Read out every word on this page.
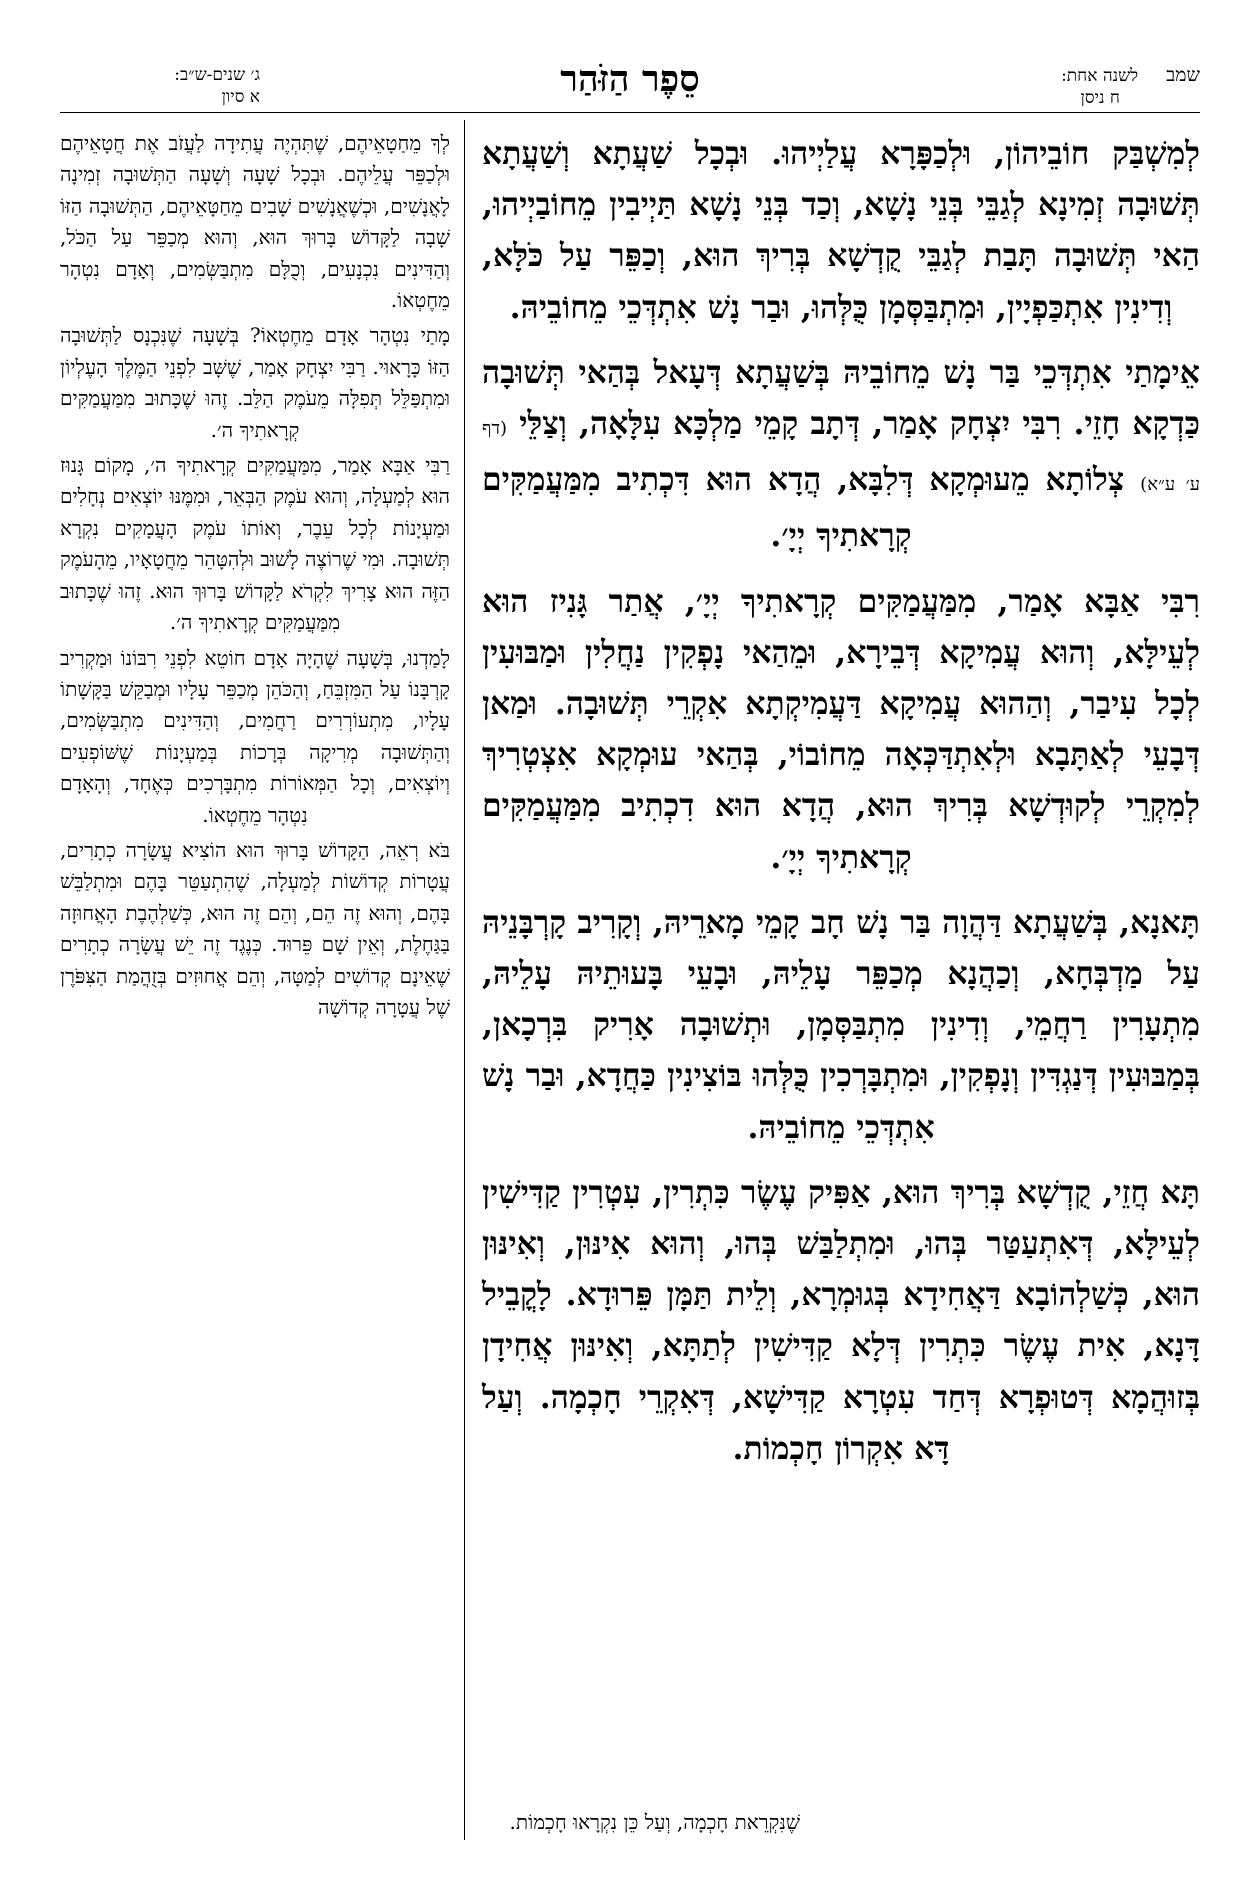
שמבלשנה אחת:
ח ניסן
סֵפֶר הַזֹּהַר
ג׳ שנים-ש״ב:
א סיון

לְמִשְׁבַּק חוֹבֵיהוֹן, וּלְכַפָּרָא עֲלַיְיהוּ. וּבְכָל שַׁעֲתָא וְשַׁעֲתָא תְּשׁוּבָה זְמִינָא לְגַבֵּי בְּנֵי נָשָׁא, וְכַד בְּנֵי נָשָׁא תַּיְיבִין מֵחוֹבַיְיהוּ, הַאי תְּשׁוּבָה תָּבַת לְגַבֵּי קֻדְשָׁא בְּרִיךְ הוּא, וְכַפֵּר עַל כֹּלָּא, וְדִינִין אִתְכַּפְיָין, וּמִתְבַּסְּמָן כֻּלְּהוּ, וּבַר נָשׁ אִתְדְּכֵי מֵחוֹבֵיהּ.

אֵימָתַי אִתְדְּכֵי בַּר נָשׁ מֵחוֹבֵיהּ בְּשַׁעֲתָא דְּעָאל בְּהַאי תְּשׁוּבָה כַּדְקָא חָזֵי. רִבִּי יִצְחָק אָמַר, דְּתָב קָמֵי מַלְכָּא עִלָּאָה, וְצַלֵּי (דף ע׳ ע״א) צְלוֹתָא מֵעוּמְקָא דְּלִבָּא, הֲדָא הוּא דִּכְתִיב מִמַּעֲמַקִּים קְרָאתִיךָ יְיָ׳.

רִבִּי אַבָּא אָמַר, מִמַּעֲמַקִּים קְרָאתִיךָ יְיָ׳, אֲתַר גָּנִיז הוּא לְעֵילָּא, וְהוּא עֲמִיקָא דְּבֵירָא, וּמֵהַאי נָפְקִין נַחֲלִין וּמַבּוּעִין לְכָל עִיבַר, וְהַהוּא עֲמִיקָא דַּעֲמִיקְתָא אִקְרֵי תְּשׁוּבָה. וּמַאן דְּבָעֵי לְאַתָּבָא וּלְאִתְדַּכְּאָה מֵחוֹבוֹי, בְּהַאי עוּמְקָא אִצְטְרִיךְ לְמִקְרֵי לְקוּדְשָׁא בְּרִיךְ הוּא, הֲדָא הוּא דִכְתִיב מִמַּעֲמַקִּים קְרָאתִיךָ יְיָ׳.

תָּאנָא, בְּשַׁעֲתָא דַּהֲוָה בַּר נָשׁ חָב קָמֵי מָארֵיהּ, וְקָרִיב קָרְבָּנֵיהּ עַל מַדְבְּחָא, וְכַהֲנָא מְכַפֵּר עָלֵיהּ, וּבָעֵי בָּעוּתֵיהּ עָלֵיהּ, מִתְעָרִין רַחֲמֵי, וְדִינִין מִתְבַּסְּמָן, וּתְשׁוּבָה אָרִיק בִּרְכָאן, בְּמַבּוּעִין דְּנַגְדִּין וְנָפְקִין, וּמִתְבָּרְכִין כֻּלְּהוּ בּוֹצִינִין כַּחֲדָא, וּבַר נָשׁ אִתְדְּכֵי מֵחוֹבֵיהּ.

תָּא חֲזֵי, קֻדְשָׁא בְּרִיךְ הוּא, אַפִּיק עֶשֶׂר כִּתְרִין, עִטְרִין קַדִּישִׁין לְעֵילָּא, דְּאִתְעַטַּר בְּהוּ, וּמִתְלַבַּשׁ בְּהוּ, וְהוּא אִינּוּן, וְאִינּוּן הוּא, כְּשַׁלְהוֹבָא דַּאֲחִידָא בְּגוּמְרָא, וְלֵית תַּמָּן פֵּרוּדָא. לָקֳבֵיל דָּנָא, אִית עֶשֶׂר כִּתְרִין דְּלָא קַדִּישִׁין לְתַתָּא, וְאִינּוּן אֲחִידָן בְּזוּהֲמָא דְּטוּפְרָא דְּחַד עִטְרָא קַדִּישָׁא, דְּאִקְרֵי חָכְמָה. וְעַל דָּא אִקְרוֹן חָכְמוֹת.

לְךָ מֵחַטָאֵיהֶם, שֶׁתִּהְיֶה עֲתִידָה לַעֲזֹב אֶת חֲטָאֵיהֶם וּלְכַפֵּר עֲלֵיהֶם. וּבְכָל שָׁעָה וְשָׁעָה הַתְּשׁוּבָה זְמִינָה לָאֲנָשִׁים, וּכְשֶׁאֲנָשִׁים שָׁבִים מֵחַטָּאֵיהֶם, הַתְּשׁוּבָה הַזּוֹ שָׁבָה לַקָּדוֹשׁ בָּרוּךְ הוּא, וְהוּא מְכַפֵּר עַל הַכֹּל, וְהַדִּינִים נִכְנָעִים, וְכֻלָּם מִתְבַּשְּׂמִים, וְאָדָם נִטְהָר מֵחֶטְאוֹ.

מָתַי נִטְהָר אָדָם מֵחֶטְאוֹ? בְּשָׁעָה שֶׁנִּכְנָס לַתְּשׁוּבָה הַזּוֹ כָּרָאוּי. רַבִּי יִצְחָק אָמַר, שֶׁשָּׁב לִפְנֵי הַמֶּלֶךְ הָעֶלְיוֹן וּמִתְפַּלֵּל תְּפִלָּה מֵעֹמֶק הַלֵּב. זֶהוּ שֶׁכָּתוּב מִמַּעֲמַקִּים קְרָאתִיךָ ה׳.

רַבִּי אַבָּא אָמַר, מִמַּעֲמַקִּים קְרָאתִיךָ ה׳, מָקוֹם גָּנוּז הוּא לְמַעְלָה, וְהוּא עֹמֶק הַבְּאֵר, וּמִמֶּנּוּ יוֹצְאִים נְחָלִים וּמַעְיָנוֹת לְכָל עֵבֶר, וְאוֹתוֹ עֹמֶק הָעֲמָקִים נִקְרָא תְּשׁוּבָה. וּמִי שֶׁרוֹצֶה לָשׁוּב וּלְהִטָּהֵר מֵחֲטָאָיו, מֵהָעֹמֶק הַזֶּה הוּא צָרִיךְ לִקְרֹא לַקָּדוֹשׁ בָּרוּךְ הוּא. זֶהוּ שֶׁכָּתוּב מִמַּעֲמַקִּים קְרָאתִיךָ ה׳.

לָמַדְנוּ, בְּשָׁעָה שֶׁהָיָה אָדָם חוֹטֵא לִפְנֵי רִבּוֹנוֹ וּמַקְרִיב קָרְבָּנוֹ עַל הַמִּזְבֵּחַ, וְהַכֹּהֵן מְכַפֵּר עָלָיו וּמְבַקֵּשׁ בַּקָּשָׁתוֹ עָלָיו, מִתְעוֹרְרִים רַחֲמִים, וְהַדִּינִים מִתְבַּשְּׂמִים, וְהַתְּשׁוּבָה מְרִיקָה בְּרָכוֹת בְּמַעְיָנוֹת שֶׁשּׁוֹפְעִים וְיוֹצְאִים, וְכָל הַמְּאוֹרוֹת מִתְבָּרְכִים כְּאֶחָד, וְהָאָדָם נִטְהָר מֵחֶטְאוֹ.

בֹּא רְאֵה, הַקָּדוֹשׁ בָּרוּךְ הוּא הוֹצִיא עֲשָׂרָה כְתָרִים, עֲטָרוֹת קְדוֹשׁוֹת לְמַעְלָה, שֶׁהִתְעַטֵּר בָּהֶם וּמִתְלַבֵּשׁ בָּהֶם, וְהוּא זֶה הֵם, וְהֵם זֶה הוּא, כְּשַׁלְהֶבֶת הָאֲחוּזָה בַּגַּחֶלֶת, וְאֵין שָׁם פֵּרוּד. כְּנֶגֶד זֶה יֵשׁ עֲשָׂרָה כְתָרִים שֶׁאֵינָם קְדוֹשִׁים לְמַטָּה, וְהֵם אֲחוּזִים בְּזֻהֲמַת הַצִּפֹּרֶן שֶׁל עֲטָרָה קְדוֹשָׁה

שֶׁנִּקְרֵאת חָכְמָה, וְעַל כֵּן נִקְרָאוּ חָכְמוֹת.
